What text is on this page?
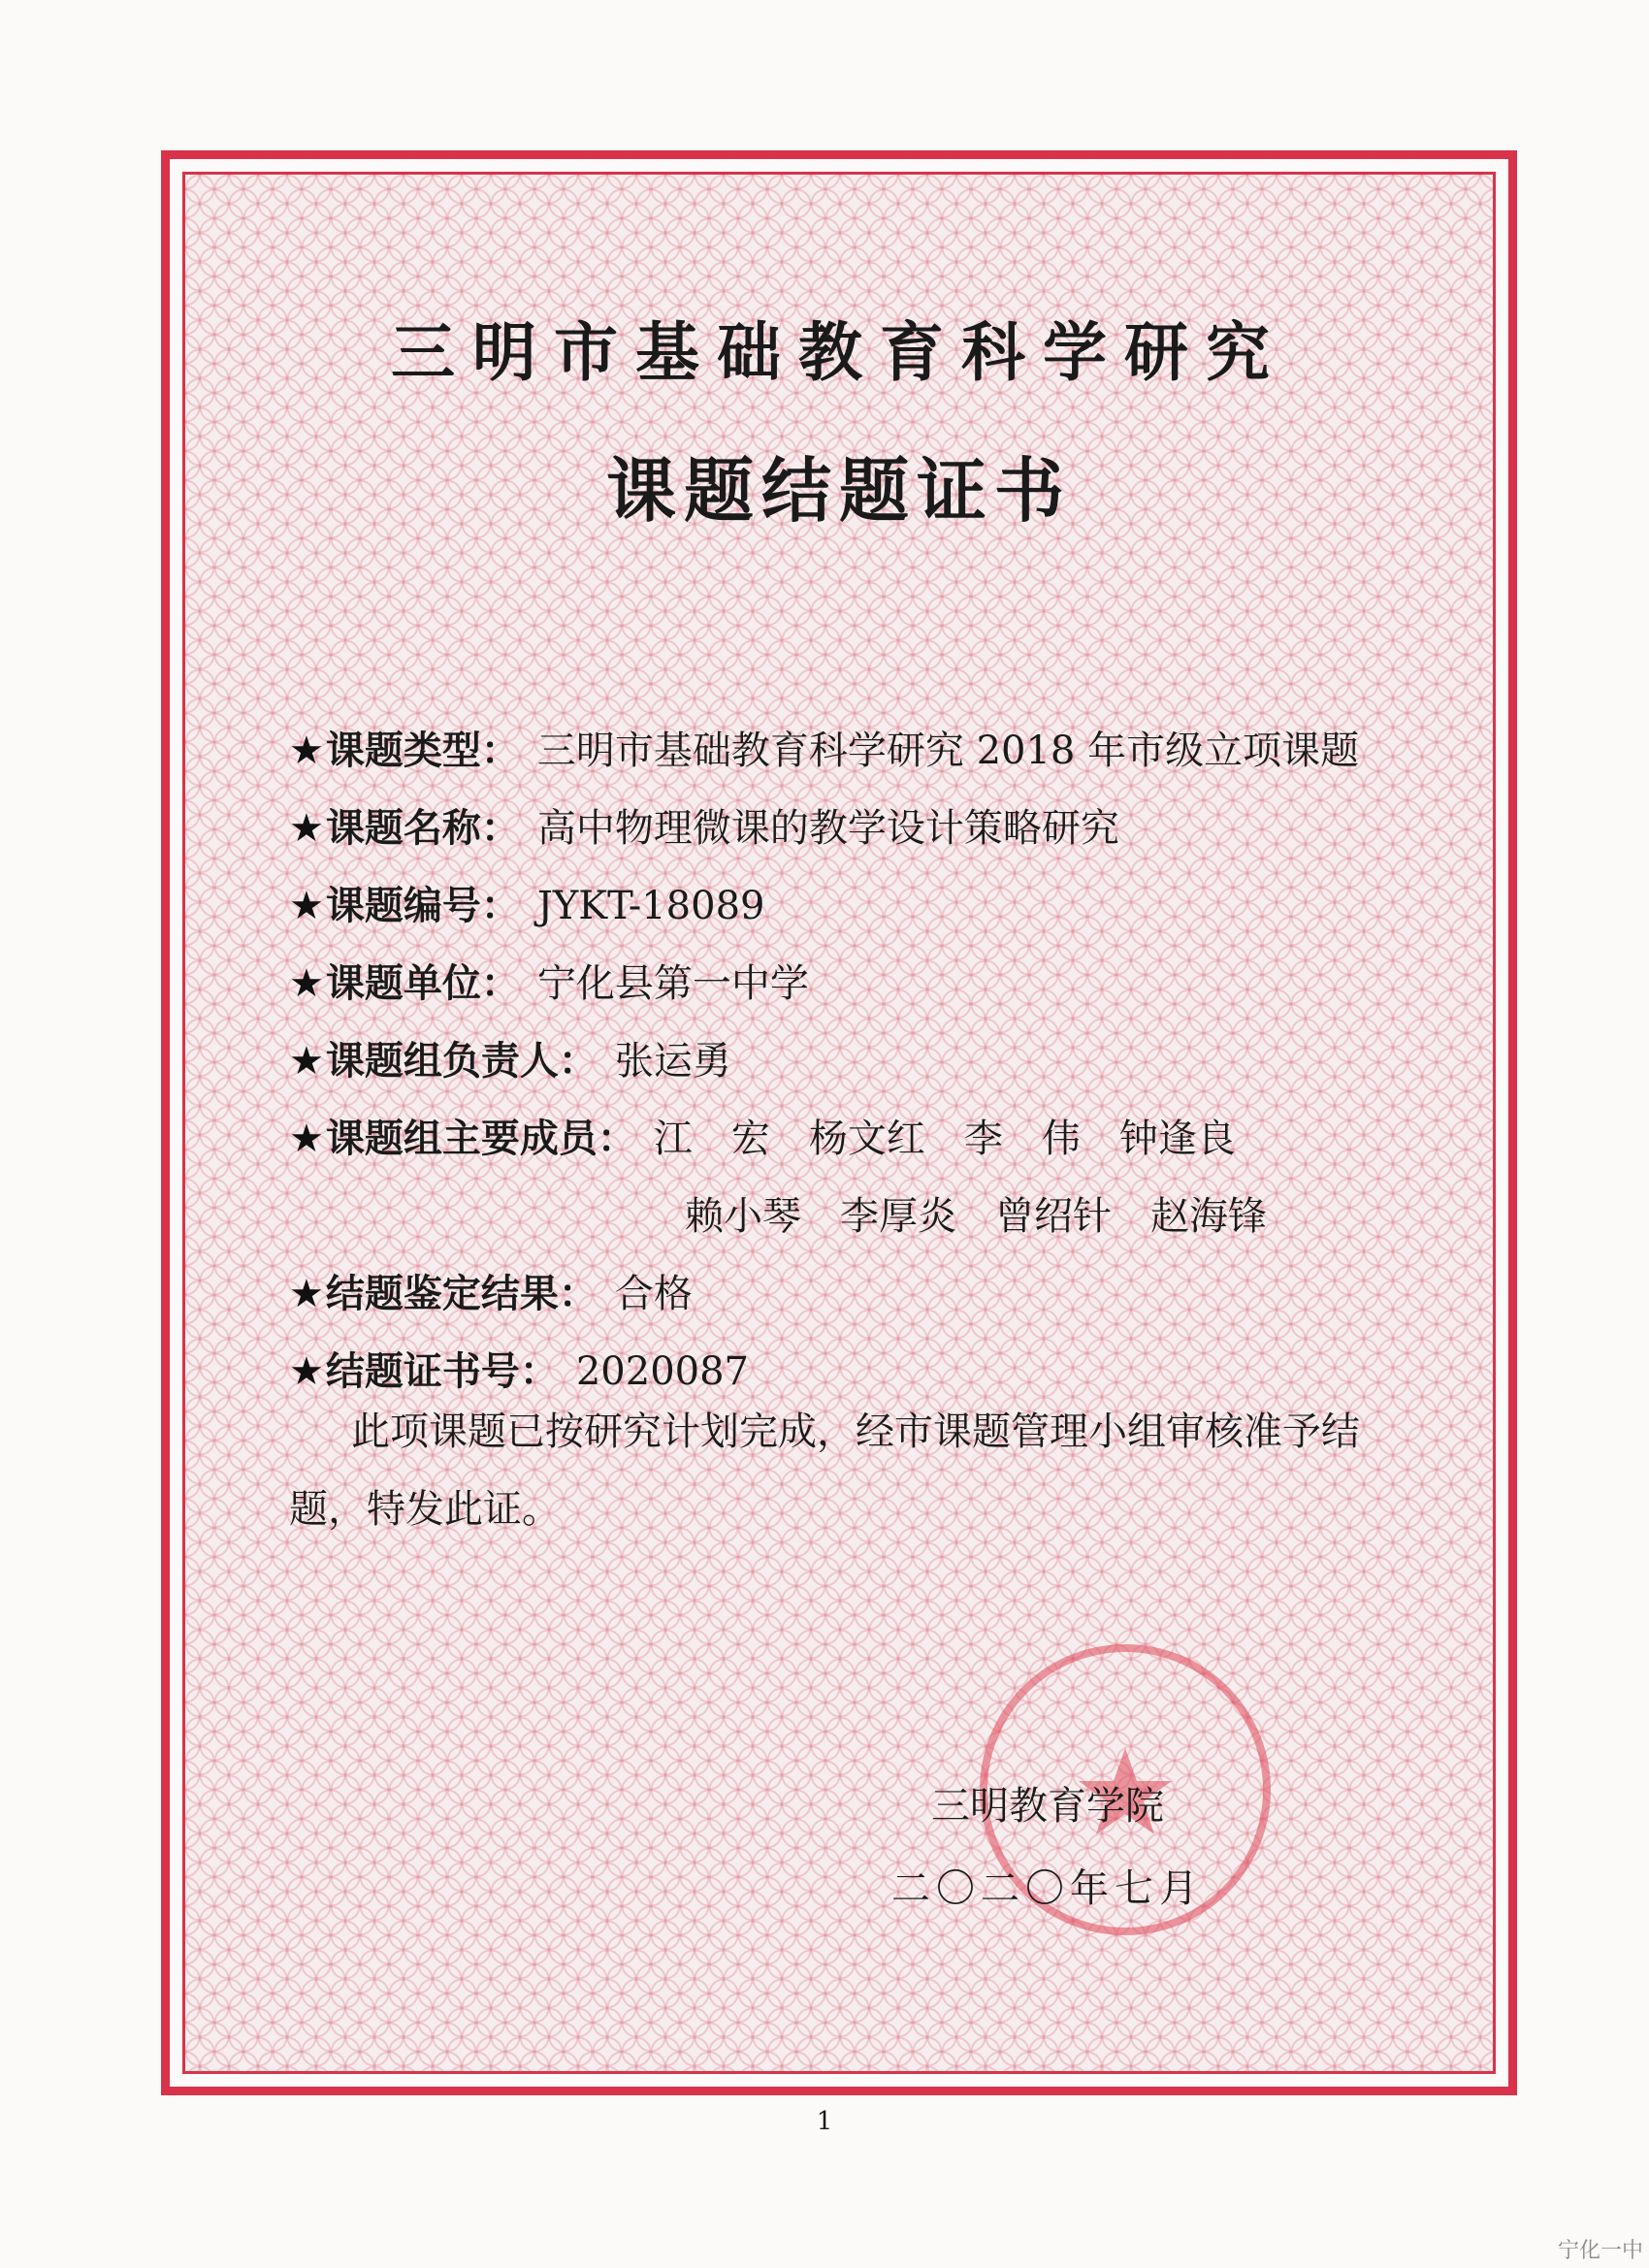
三明市基础教育科学研究
课题结题证书
★课题类型： 三明市基础教育科学研究 2018 年市级立项课题
★课题名称： 高中物理微课的教学设计策略研究
★课题编号： JYKT-18089
★课题单位： 宁化县第一中学
★课题组负责人： 张运勇
★课题组主要成员： 江　宏 杨文红 李　伟 钟逢良
赖小琴 李厚炎 曾绍针 赵海锋
★结题鉴定结果： 合格
★结题证书号： 2020087

此项课题已按研究计划完成，经市课题管理小组审核准予结题，特发此证。

三明教育学院
二〇二〇年七月
1
宁化一中
